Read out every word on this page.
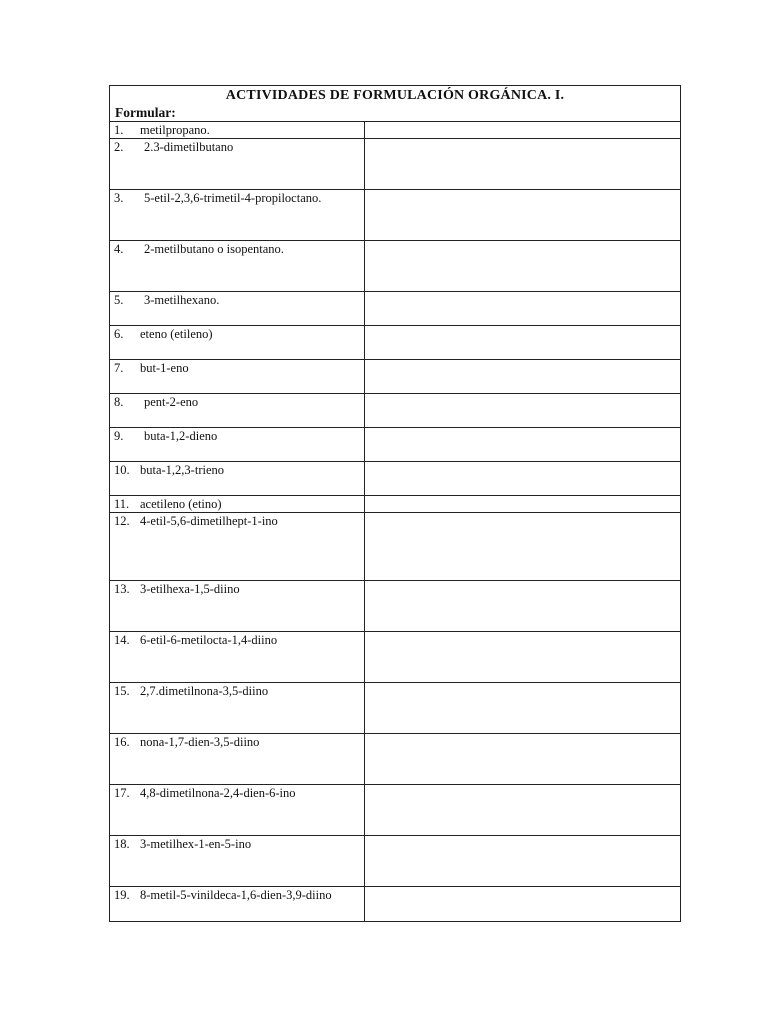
ACTIVIDADES DE FORMULACIÓN ORGÁNICA. I.
Formular:
1. metilpropano.
2. 2.3-dimetilbutano
3. 5-etil-2,3,6-trimetil-4-propiloctano.
4. 2-metilbutano o isopentano.
5. 3-metilhexano.
6. eteno (etileno)
7. but-1-eno
8. pent-2-eno
9. buta-1,2-dieno
10. buta-1,2,3-trieno
11. acetileno (etino)
12. 4-etil-5,6-dimetilhept-1-ino
13. 3-etilhexa-1,5-diino
14. 6-etil-6-metilocta-1,4-diino
15. 2,7.dimetilnona-3,5-diino
16. nona-1,7-dien-3,5-diino
17. 4,8-dimetilnona-2,4-dien-6-ino
18. 3-metilhex-1-en-5-ino
19. 8-metil-5-vinildeca-1,6-dien-3,9-diino
